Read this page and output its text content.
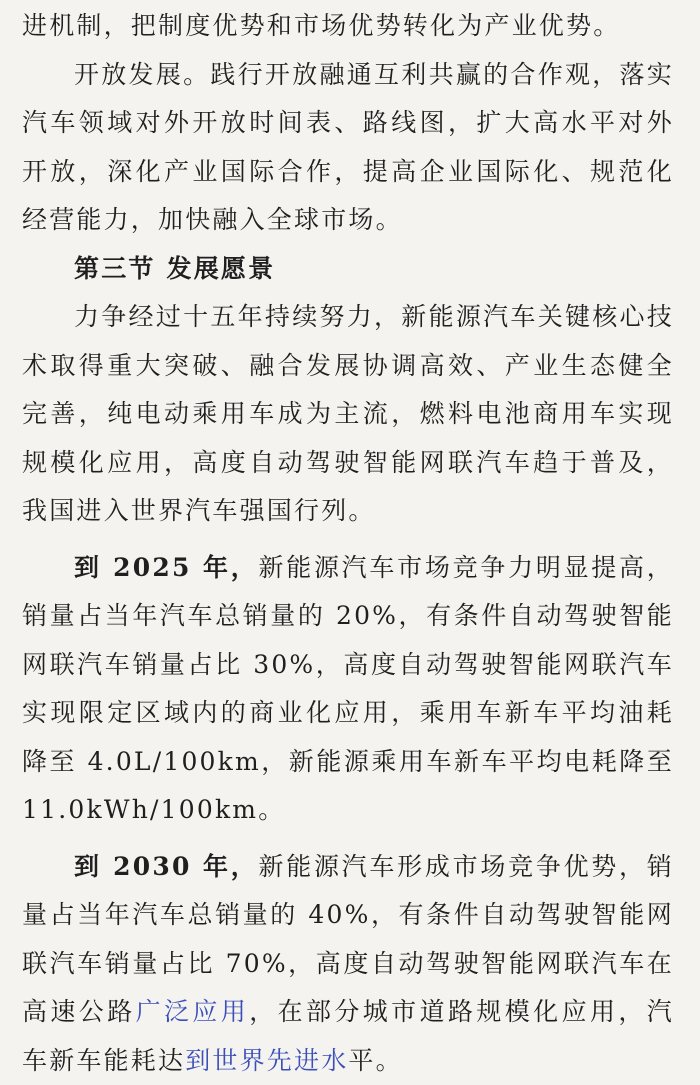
进机制，把制度优势和市场优势转化为产业优势。

开放发展。践行开放融通互利共赢的合作观，落实汽车领域对外开放时间表、路线图，扩大高水平对外开放，深化产业国际合作，提高企业国际化、规范化经营能力，加快融入全球市场。

第三节 发展愿景

力争经过十五年持续努力，新能源汽车关键核心技术取得重大突破、融合发展协调高效、产业生态健全完善，纯电动乘用车成为主流，燃料电池商用车实现规模化应用，高度自动驾驶智能网联汽车趋于普及，我国进入世界汽车强国行列。

到 2025 年，新能源汽车市场竞争力明显提高，销量占当年汽车总销量的 20%，有条件自动驾驶智能网联汽车销量占比 30%，高度自动驾驶智能网联汽车实现限定区域内的商业化应用，乘用车新车平均油耗降至 4.0L/100km，新能源乘用车新车平均电耗降至 11.0kWh/100km。

到 2030 年，新能源汽车形成市场竞争优势，销量占当年汽车总销量的 40%，有条件自动驾驶智能网联汽车销量占比 70%，高度自动驾驶智能网联汽车在高速公路广泛应用，在部分城市道路规模化应用，汽车新车能耗达到世界先进水平。
